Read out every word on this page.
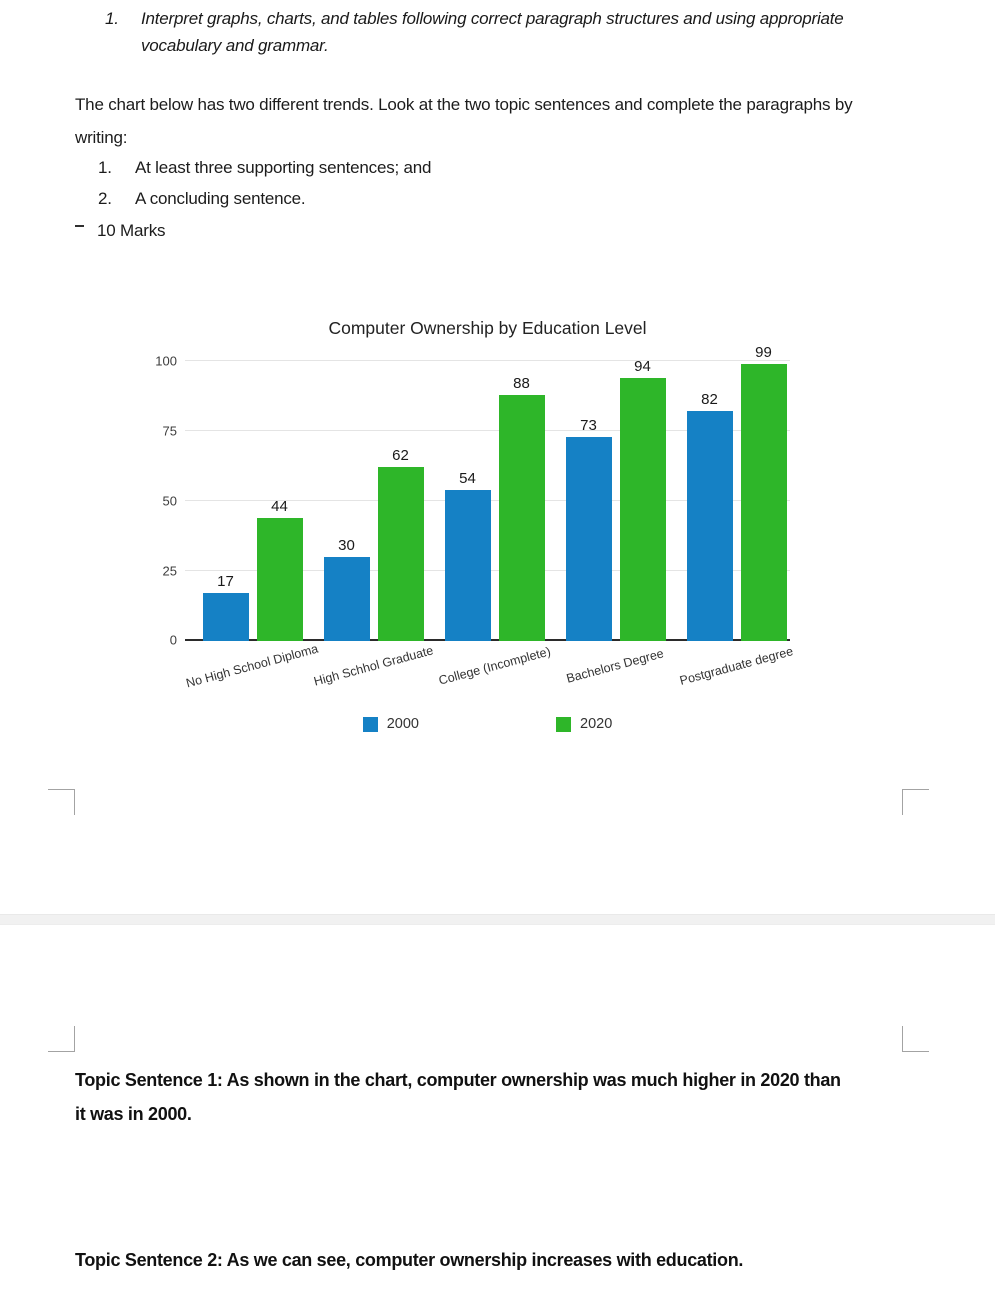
1.	Interpret graphs, charts, and tables following correct paragraph structures and using appropriate vocabulary and grammar.

The chart below has two different trends. Look at the two topic sentences and complete the paragraphs by writing:

1.	At least three supporting sentences; and
2.	A concluding sentence.
10 Marks
Computer Ownership by Education Level
0
25
50
75
100
17
44
30
62
54
88
73
94
82
99
No High School Diploma
High Schhol Graduate College (Incomplete) Bachelors Degree Postgraduate degree
2000	2020

Topic Sentence 1: As shown in the chart, computer ownership was much higher in 2020 than it was in 2000.

Topic Sentence 2: As we can see, computer ownership increases with education.
